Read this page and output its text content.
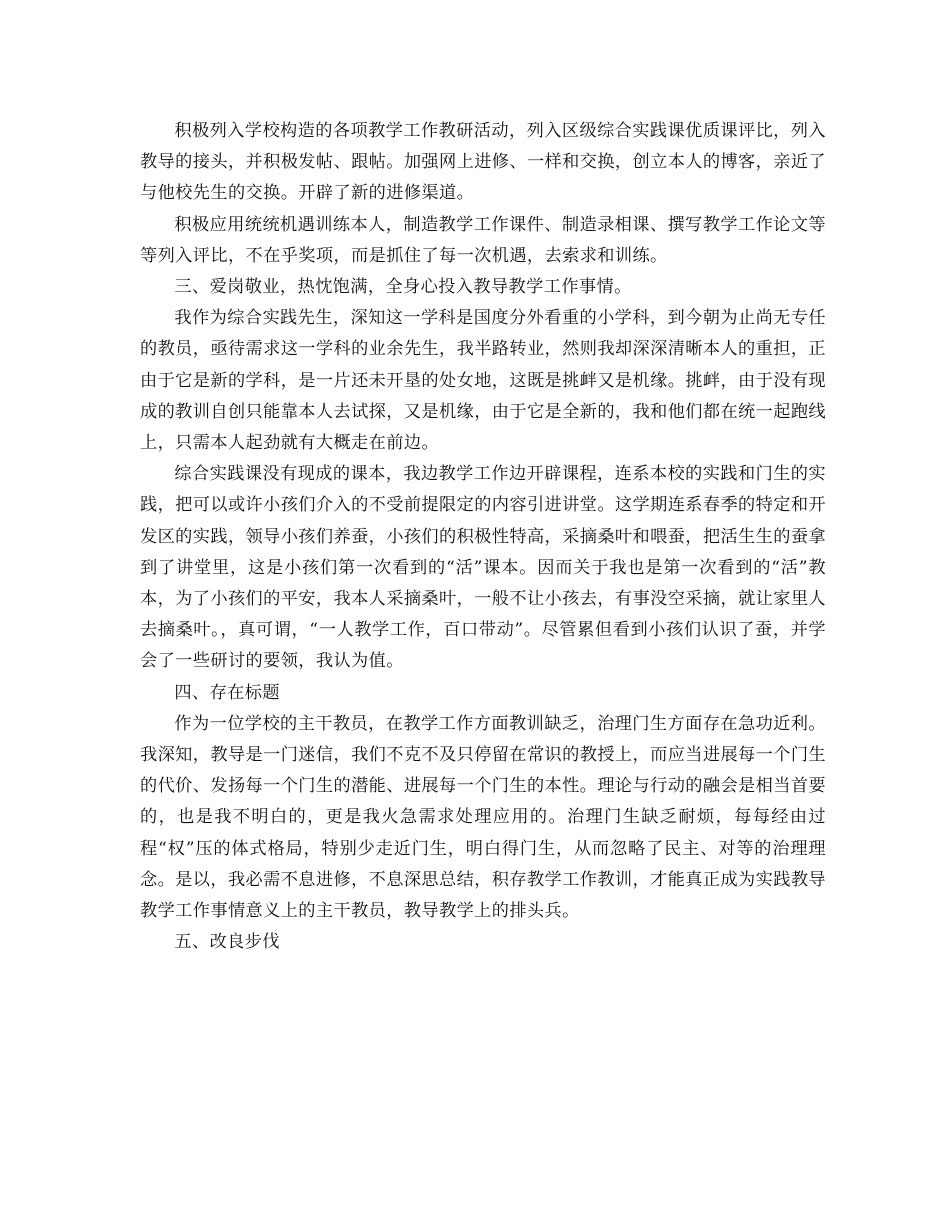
积极列入学校构造的各项教学工作教研活动，列入区级综合实践课优质课评比，列入教导的接头，并积极发帖、跟帖。加强网上进修、一样和交换，创立本人的博客，亲近了与他校先生的交换。开辟了新的进修渠道。

积极应用统统机遇训练本人，制造教学工作课件、制造录相课、撰写教学工作论文等等列入评比，不在乎奖项，而是抓住了每一次机遇，去索求和训练。

三、爱岗敬业，热忱饱满，全身心投入教导教学工作事情。

我作为综合实践先生，深知这一学科是国度分外看重的小学科，到今朝为止尚无专任的教员，亟待需求这一学科的业余先生，我半路转业，然则我却深深清晰本人的重担，正由于它是新的学科，是一片还未开垦的处女地，这既是挑衅又是机缘。挑衅，由于没有现成的教训自创只能靠本人去试探，又是机缘，由于它是全新的，我和他们都在统一起跑线上，只需本人起劲就有大概走在前边。

综合实践课没有现成的课本，我边教学工作边开辟课程，连系本校的实践和门生的实践，把可以或许小孩们介入的不受前提限定的内容引进讲堂。这学期连系春季的特定和开发区的实践，领导小孩们养蚕，小孩们的积极性特高，采摘桑叶和喂蚕，把活生生的蚕拿到了讲堂里，这是小孩们第一次看到的“活”课本。因而关于我也是第一次看到的“活”教本，为了小孩们的平安，我本人采摘桑叶，一般不让小孩去，有事没空采摘，就让家里人去摘桑叶。，真可谓，“一人教学工作，百口带动”。尽管累但看到小孩们认识了蚕，并学会了一些研讨的要领，我认为值。

四、存在标题

作为一位学校的主干教员，在教学工作方面教训缺乏，治理门生方面存在急功近利。我深知，教导是一门迷信，我们不克不及只停留在常识的教授上，而应当进展每一个门生的代价、发扬每一个门生的潜能、进展每一个门生的本性。理论与行动的融会是相当首要的，也是我不明白的，更是我火急需求处理应用的。治理门生缺乏耐烦，每每经由过程“权”压的体式格局，特别少走近门生，明白得门生，从而忽略了民主、对等的治理理念。是以，我必需不息进修，不息深思总结，积存教学工作教训，才能真正成为实践教导教学工作事情意义上的主干教员，教导教学上的排头兵。

五、改良步伐
